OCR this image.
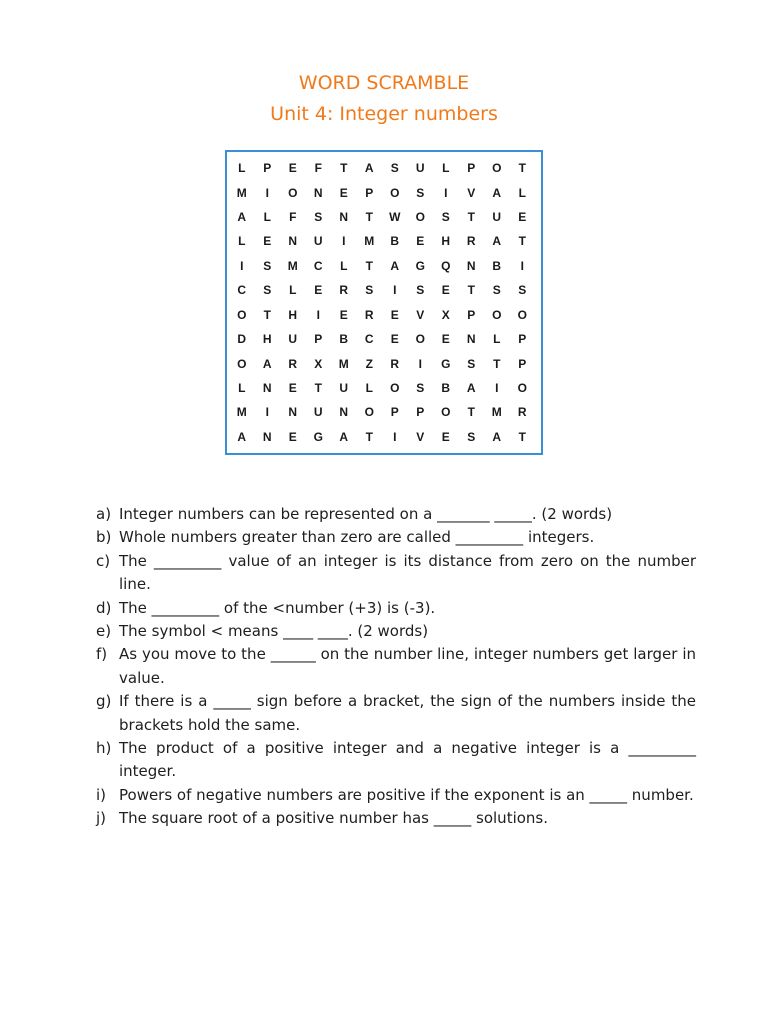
WORD SCRAMBLE
Unit 4: Integer numbers
L	P	E	F	T	A	S	U	L	P	O	T
M	I	O	N	E	P	O	S	I	V	A	L
A	L	F	S	N	T	W	O	S	T	U	E
L	E	N	U	I	M	B	E	H	R	A	T
I	S	M	C	L	T	A	G	Q	N	B	I
C	S	L	E	R	S	I	S	E	T	S	S
O	T	H	I	E	R	E	V	X	P	O	O
D	H	U	P	B	C	E	O	E	N	L	P
O	A	R	X	M	Z	R	I	G	S	T	P
L	N	E	T	U	L	O	S	B	A	I	O
M	I	N	U	N	O	P	P	O	T	M	R
A	N	E	G	A	T	I	V	E	S	A	T
a) Integer numbers can be represented on a _______ _____. (2 words)
b) Whole numbers greater than zero are called _________ integers.
c) The _________ value of an integer is its distance from zero on the number line.
d) The _________ of the <number (+3) is (-3).
e) The symbol < means ____ ____. (2 words)
f) As you move to the ______ on the number line, integer numbers get larger in value.
g) If there is a _____ sign before a bracket, the sign of the numbers inside the brackets hold the same.
h) The product of a positive integer and a negative integer is a _________ integer.
i) Powers of negative numbers are positive if the exponent is an _____ number.
j) The square root of a positive number has _____ solutions.
